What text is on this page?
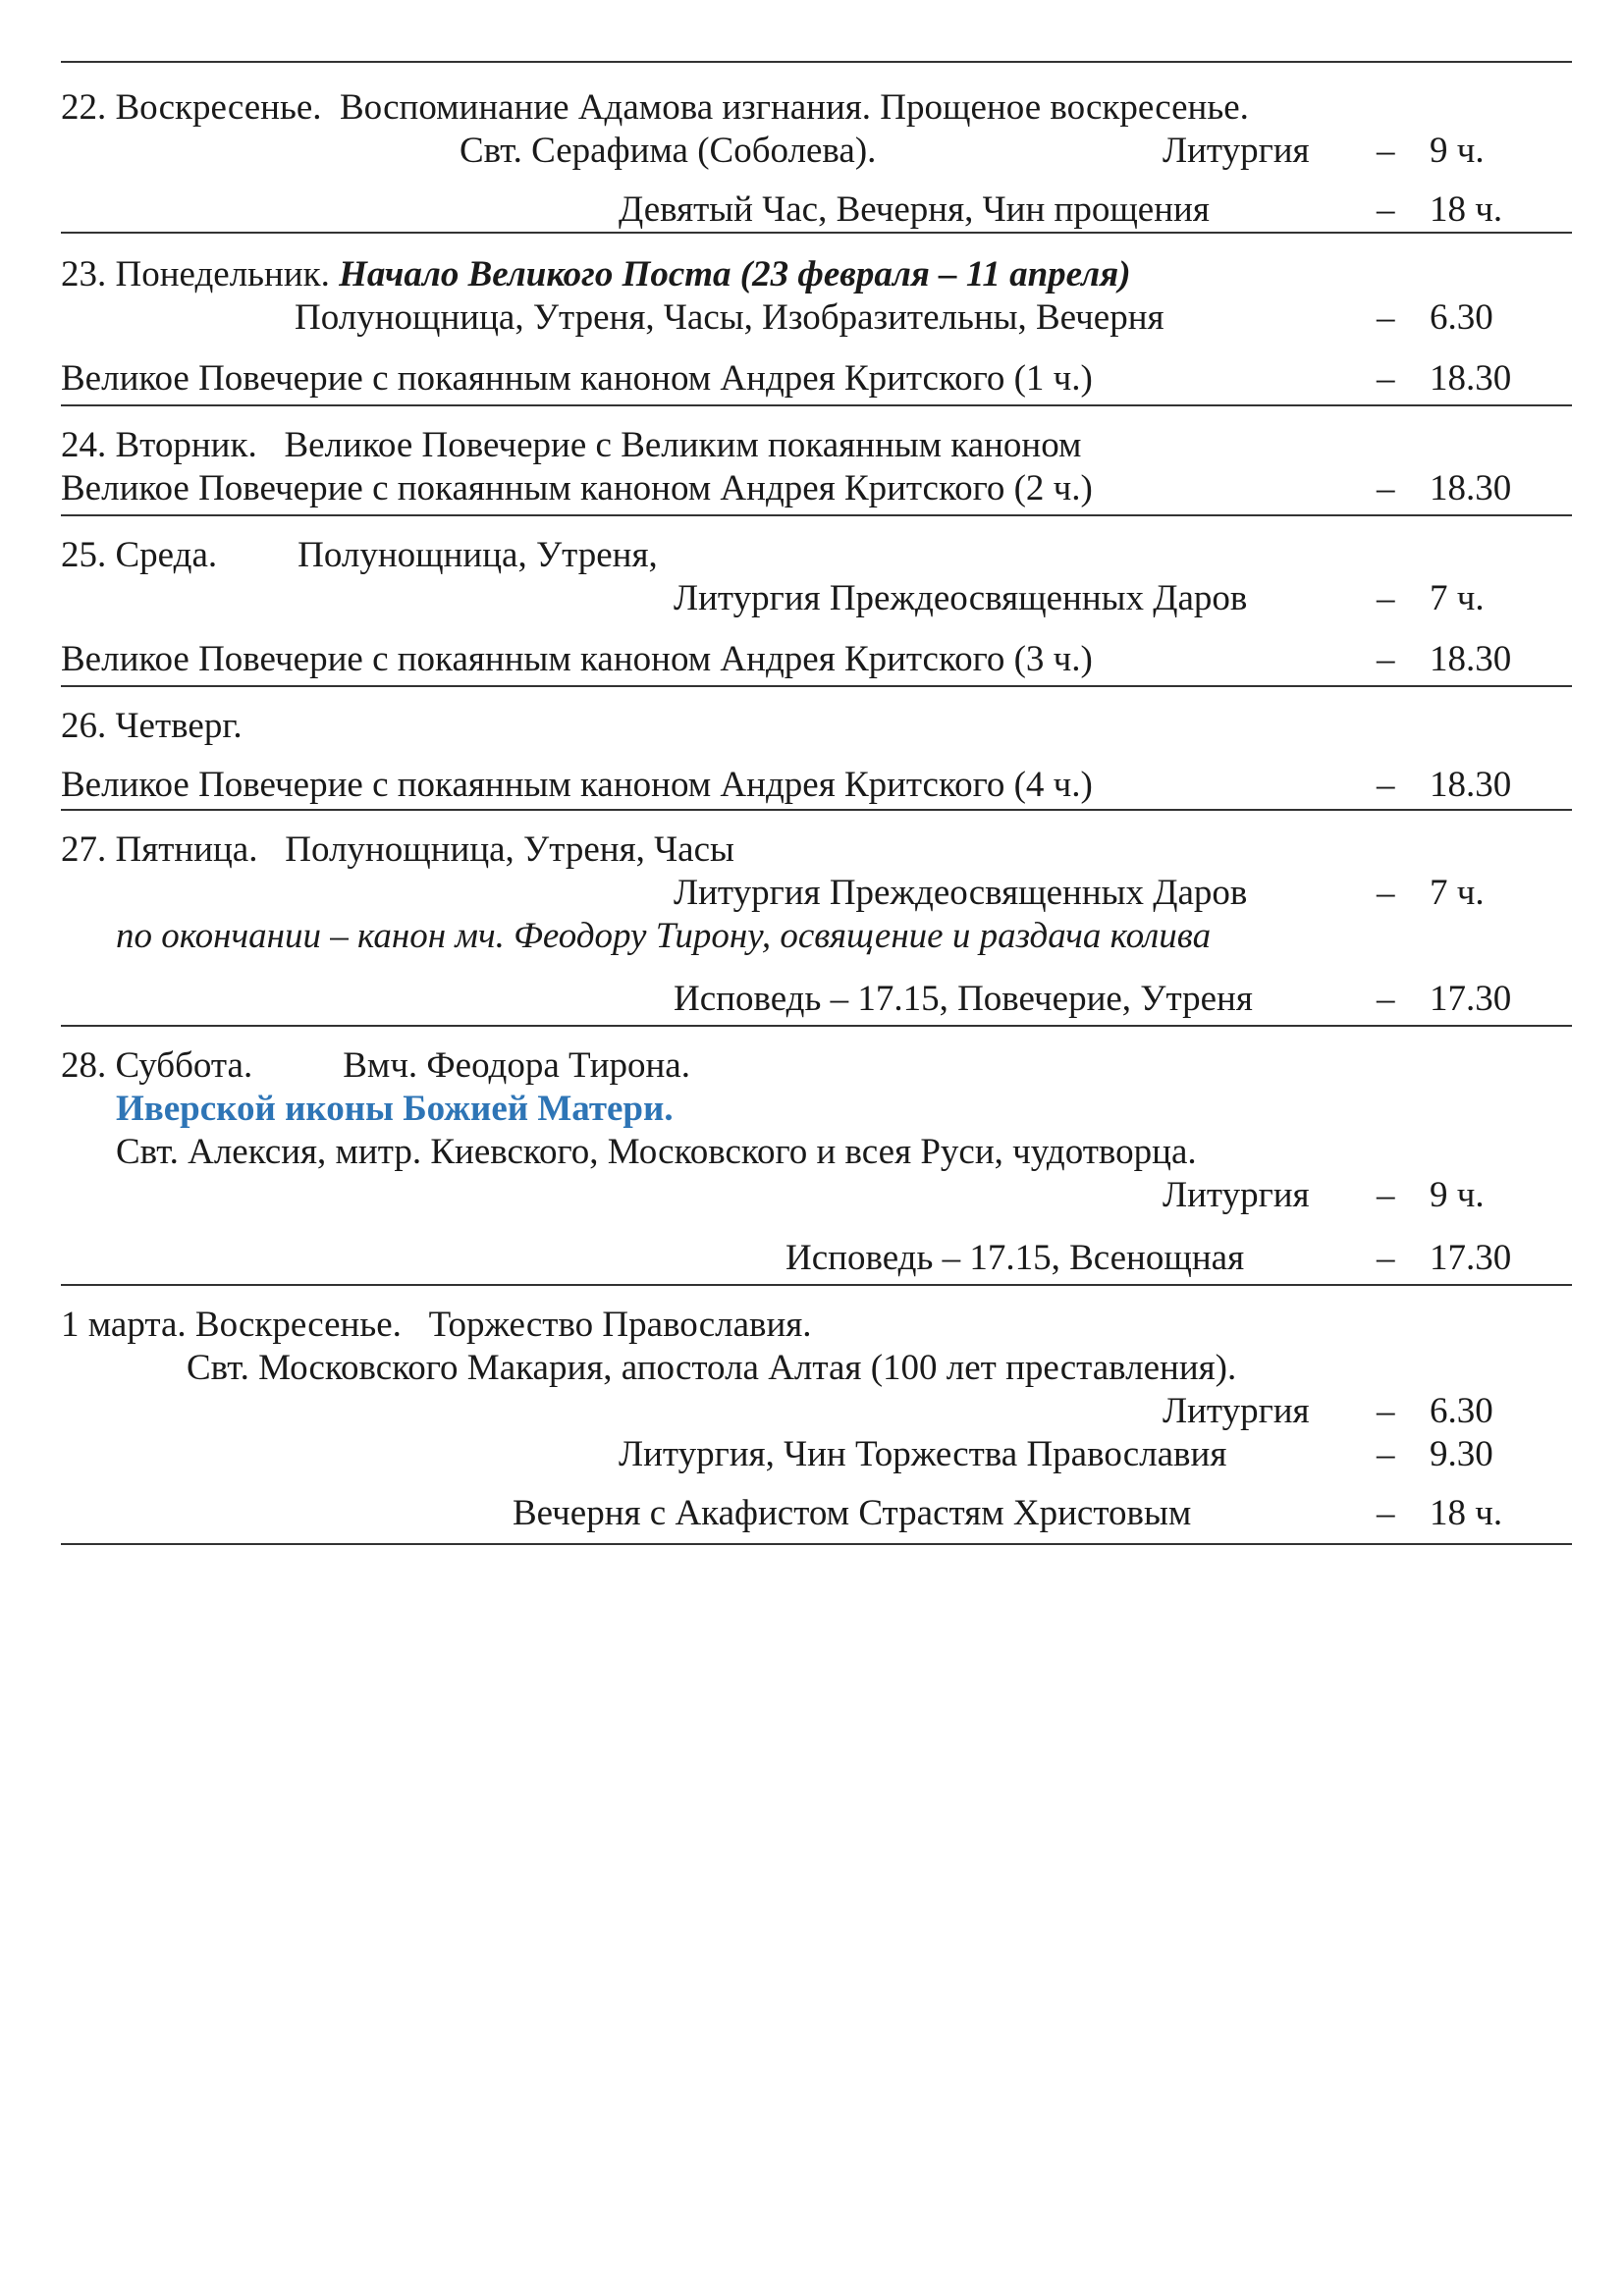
22. Воскресенье. Воспоминание Адамова изгнания. Прощеное воскресенье.
Свт. Серафима (Соболева).	Литургия – 9 ч.
Девятый Час, Вечерня, Чин прощения	– 18 ч.
23. Понедельник. Начало Великого Поста (23 февраля – 11 апреля)
Полунощница, Утреня, Часы, Изобразительны, Вечерня	– 6.30
Великое Повечерие с покаянным каноном Андрея Критского (1 ч.)	– 18.30
24. Вторник. Великое Повечерие с Великим покаянным каноном
Великое Повечерие с покаянным каноном Андрея Критского (2 ч.)	– 18.30
25. Среда. Полунощница, Утреня,
Литургия Преждеосвященных Даров	– 7 ч.
Великое Повечерие с покаянным каноном Андрея Критского (3 ч.)	– 18.30
26. Четверг.
Великое Повечерие с покаянным каноном Андрея Критского (4 ч.)	– 18.30
27. Пятница. Полунощница, Утреня, Часы
Литургия Преждеосвященных Даров	– 7 ч.
по окончании – канон мч. Феодору Тирону, освящение и раздача колива
Исповедь – 17.15, Повечерие, Утреня	– 17.30
28. Суббота. Вмч. Феодора Тирона.
Иверской иконы Божией Матери.
Свт. Алексия, митр. Киевского, Московского и всея Руси, чудотворца.
Литургия – 9 ч.
Исповедь – 17.15, Всенощная	– 17.30
1 марта. Воскресенье. Торжество Православия.
Свт. Московского Макария, апостола Алтая (100 лет преставления).
Литургия – 6.30
Литургия, Чин Торжества Православия	– 9.30
Вечерня с Акафистом Страстям Христовым	– 18 ч.
